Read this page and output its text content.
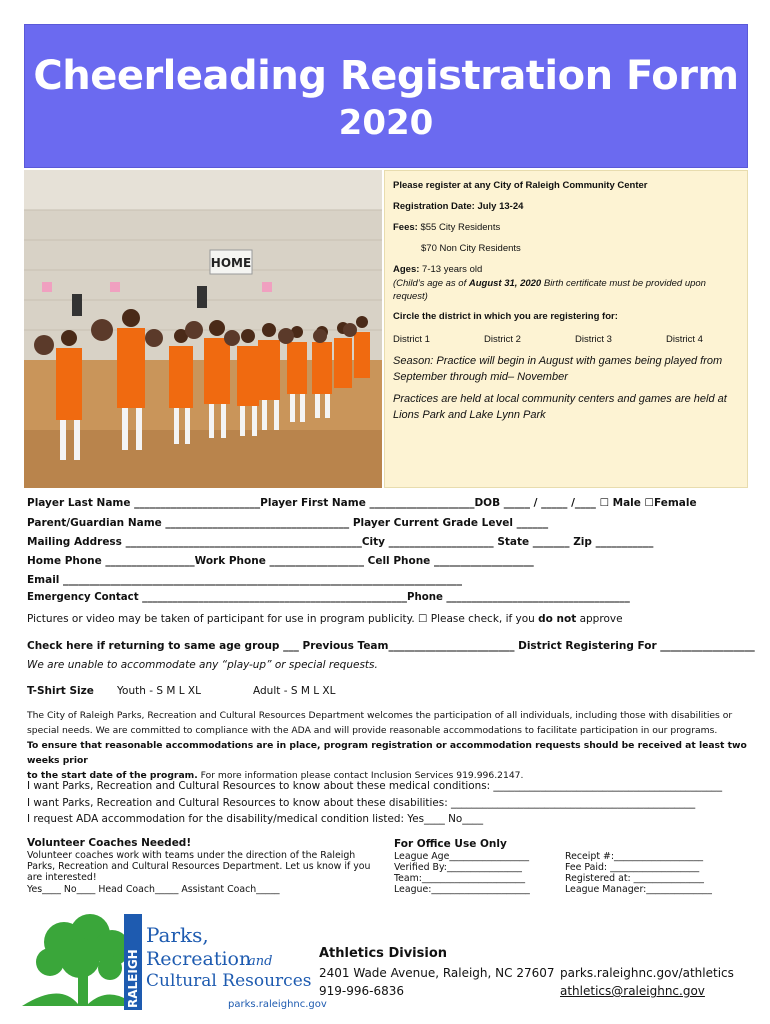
Cheerleading Registration Form
2020
HOME
Please register at any City of Raleigh Community Center
Registration Date: July 13-24
Fees: $55 City Residents
$70 Non City Residents
Ages: 7-13 years old
(Child’s age as of August 31, 2020 Birth certificate must be provided upon
request)
Circle the district in which you are registering for:
District 1	District 2	District 3	District 4
Season: Practice will begin in August with games being played from
September through mid– November
Practices are held at local community centers and games are held at
Lions Park and Lake Lynn Park
Player Last Name ________________________Player First Name ____________________DOB _____ / _____ /____ ☐ Male ☐Female
Parent/Guardian Name ___________________________________ Player Current Grade Level ______
Mailing Address _____________________________________________City ____________________ State _______ Zip ___________
Home Phone _________________Work Phone __________________ Cell Phone ___________________
Email ____________________________________________________________________________
Emergency Contact ____________________________________________________Phone ____________________________________
Pictures or video may be taken of participant for use in program publicity. ☐ Please check, if you do not approve
Check here if returning to same age group ___ Previous Team________________________ District Registering For __________________
We are unable to accommodate any “play-up” or special requests.
T-Shirt Size Youth - S M L XL	Adult - S M L XL
The City of Raleigh Parks, Recreation and Cultural Resources Department welcomes the participation of all individuals, including those with disabilities or
special needs. We are committed to compliance with the ADA and will provide reasonable accommodations to facilitate participation in our programs.
To ensure that reasonable accommodations are in place, program registration or accommodation requests should be received at least two weeks prior
to the start date of the program. For more information please contact Inclusion Services 919.996.2147.
I want Parks, Recreation and Cultural Resources to know about these medical conditions: ____________________________________________
I want Parks, Recreation and Cultural Resources to know about these disabilities: _______________________________________________
I request ADA accommodation for the disability/medical condition listed: Yes____ No____
Volunteer Coaches Needed!
Volunteer coaches work with teams under the direction of the Raleigh
Parks, Recreation and Cultural Resources Department. Let us know if you
are interested!
Yes____ No____ Head Coach_____ Assistant Coach_____
For Office Use Only
League Age_________________
Verified By:________________
Team:______________________
League:_____________________
Receipt #:___________________
Fee Paid: ___________________
Registered at: _______________
League Manager:______________
RALEIGH
Parks,
Recreation
and
Cultural Resources
parks.raleighnc.gov
Athletics Division
2401 Wade Avenue, Raleigh, NC 27607
919-996-6836
parks.raleighnc.gov/athletics
athletics@raleighnc.gov
